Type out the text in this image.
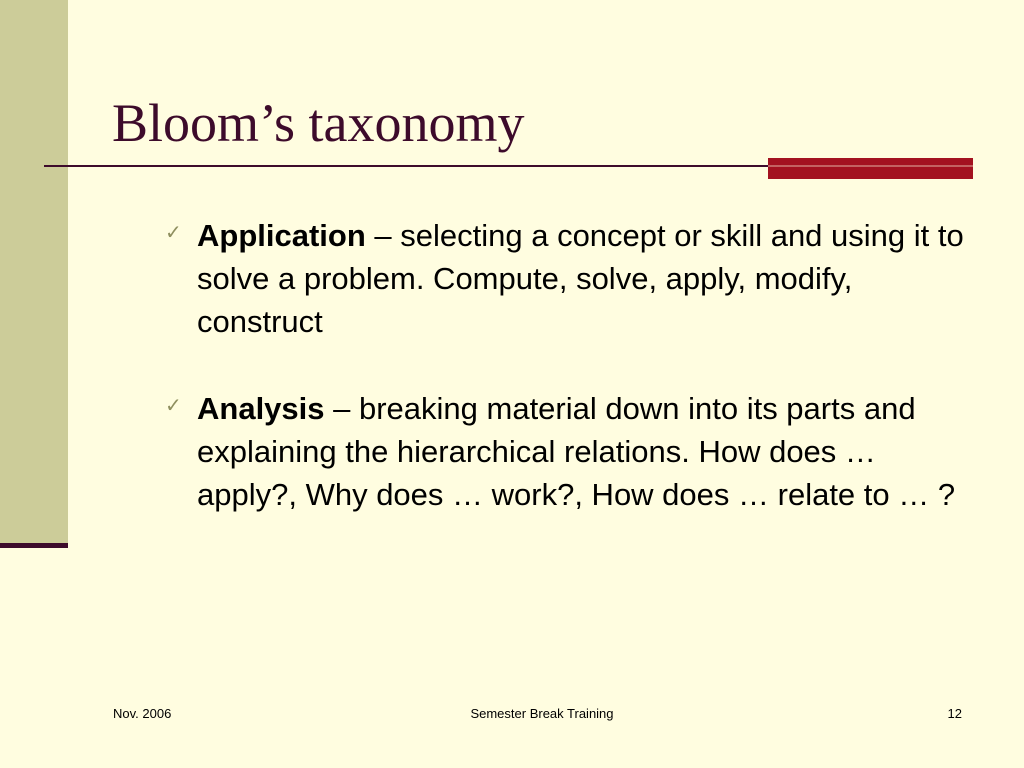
Bloom’s taxonomy
✓ Application – selecting a concept or skill and using it to solve a problem. Compute, solve, apply, modify, construct
✓ Analysis – breaking material down into its parts and explaining the hierarchical relations. How does … apply?, Why does … work?, How does … relate to … ?
Nov. 2006	Semester Break Training	12
